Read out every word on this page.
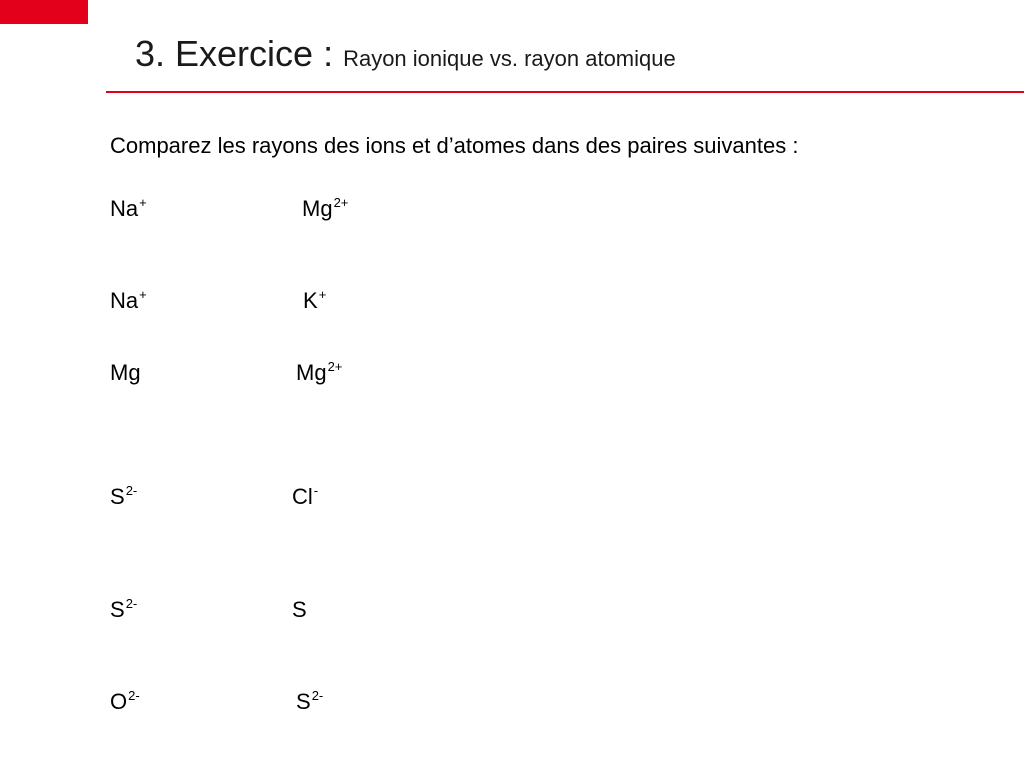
3. Exercice : Rayon ionique vs. rayon atomique
Comparez les rayons des ions et d’atomes dans des paires suivantes :
Na+	$Mg^{2+}$
Na+	K+
Mg	$Mg^{2+}$
$S^{2-}$	Cl-
$S^{2-}$	S
$O^{2-}$	$S^{2-}$
